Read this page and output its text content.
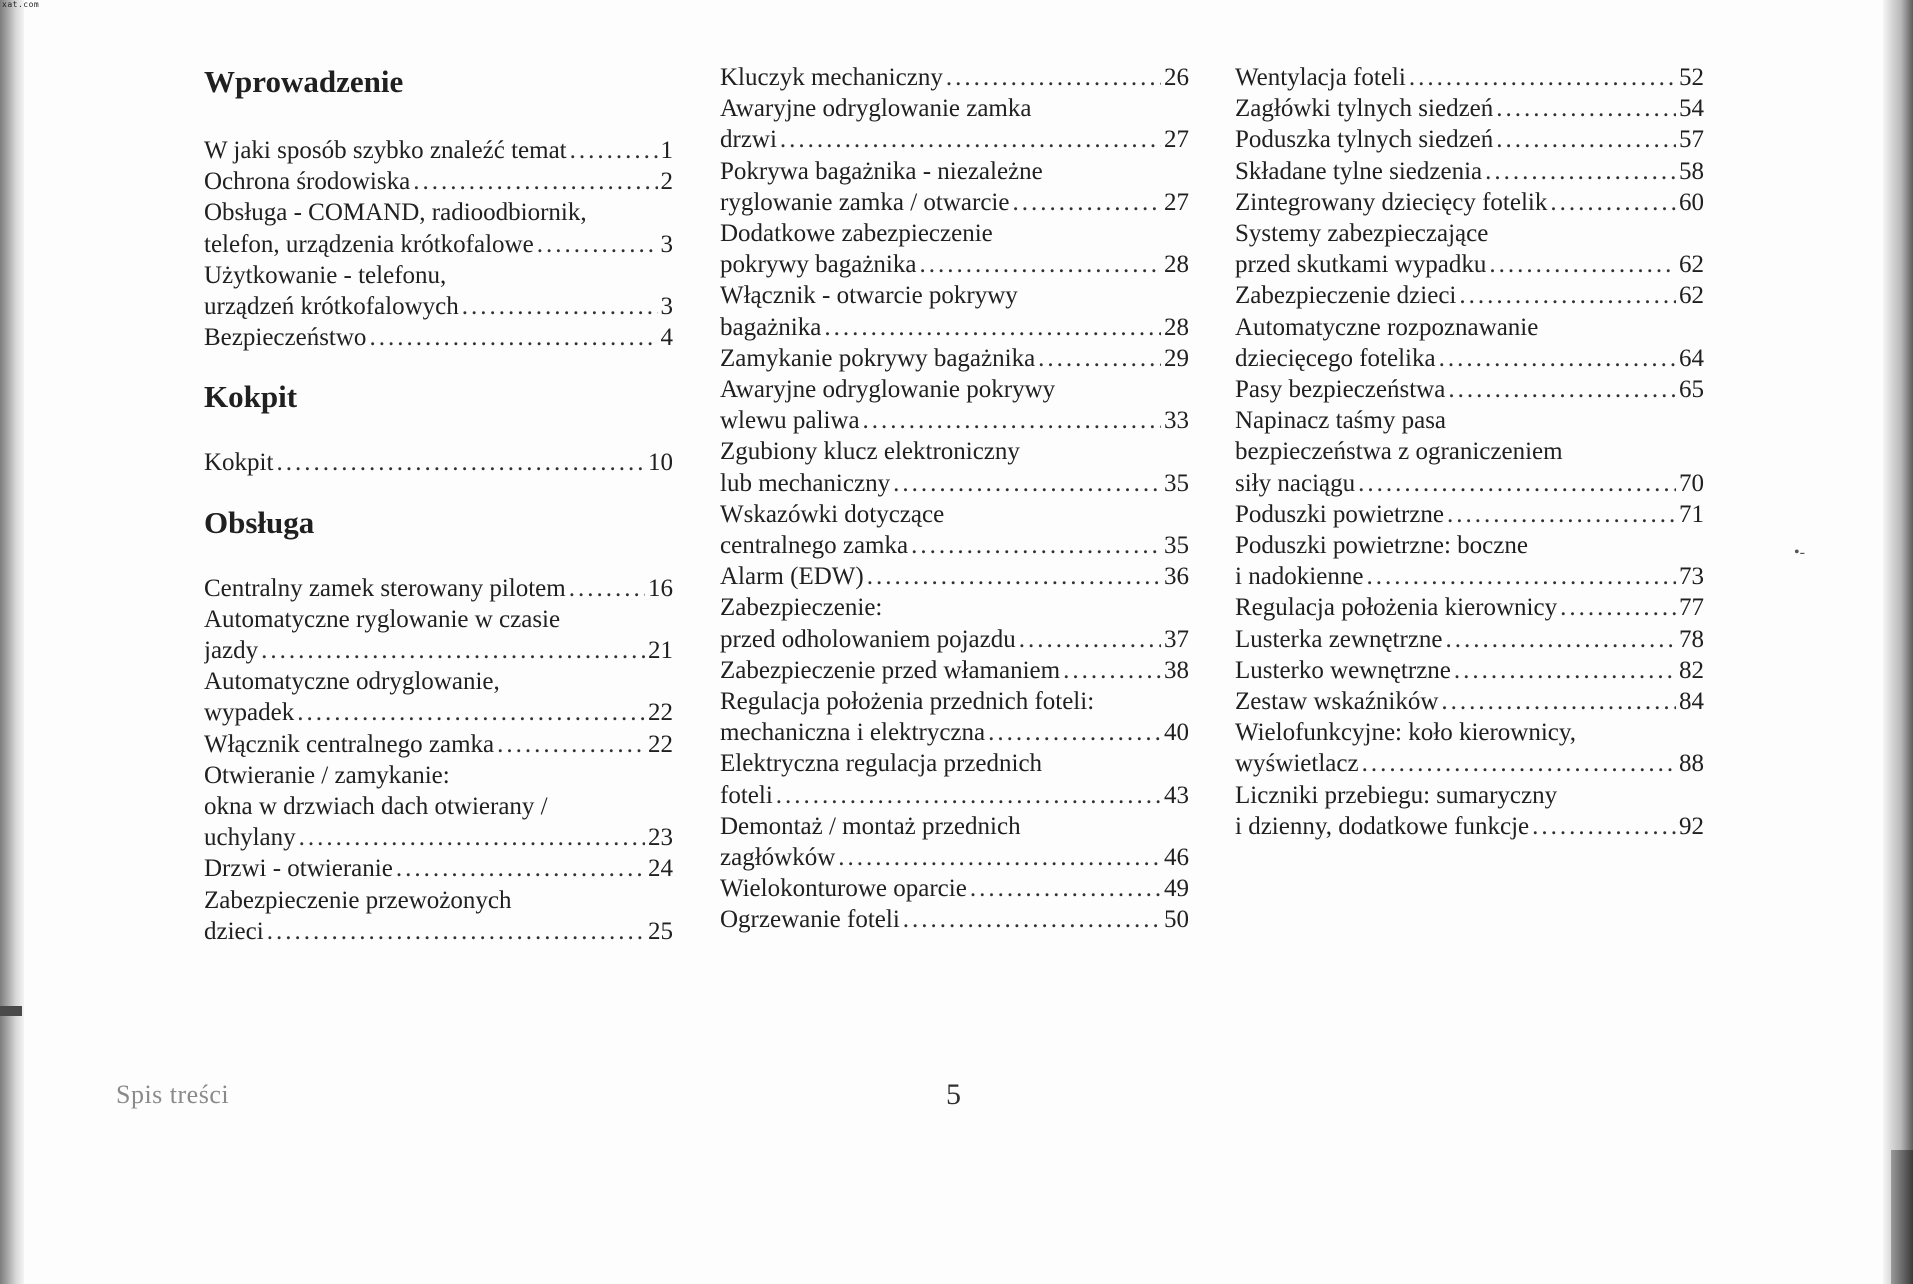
xat.com
•-
Wprowadzenie
W jaki sposób szybko znaleźć temat .....	1
Ochrona środowiska .....	2
Obsługa - COMAND, radioodbiornik,
telefon, urządzenia krótkofalowe .....	3
Użytkowanie - telefonu,
urządzeń krótkofalowych .....	3
Bezpieczeństwo .....	4
Kokpit
Kokpit .....	10
Obsługa
Centralny zamek sterowany pilotem .....	16
Automatyczne ryglowanie w czasie
jazdy .....	21
Automatyczne odryglowanie,
wypadek .....	22
Włącznik centralnego zamka .....	22
Otwieranie / zamykanie:
okna w drzwiach dach otwierany /
uchylany .....	23
Drzwi - otwieranie .....	24
Zabezpieczenie przewożonych
dzieci .....	25
Kluczyk mechaniczny .....	26
Awaryjne odryglowanie zamka
drzwi .....	27
Pokrywa bagażnika - niezależne
ryglowanie zamka / otwarcie .....	27
Dodatkowe zabezpieczenie
pokrywy bagażnika .....	28
Włącznik - otwarcie pokrywy
bagażnika .....	28
Zamykanie pokrywy bagażnika .....	29
Awaryjne odryglowanie pokrywy
wlewu paliwa .....	33
Zgubiony klucz elektroniczny
lub mechaniczny .....	35
Wskazówki dotyczące
centralnego zamka .....	35
Alarm (EDW) .....	36
Zabezpieczenie:
przed odholowaniem pojazdu .....	37
Zabezpieczenie przed włamaniem .....	38
Regulacja położenia przednich foteli:
mechaniczna i elektryczna .....	40
Elektryczna regulacja przednich
foteli .....	43
Demontaż / montaż przednich
zagłówków .....	46
Wielokonturowe oparcie .....	49
Ogrzewanie foteli .....	50
Wentylacja foteli .....	52
Zagłówki tylnych siedzeń .....	54
Poduszka tylnych siedzeń .....	57
Składane tylne siedzenia .....	58
Zintegrowany dziecięcy fotelik .....	60
Systemy zabezpieczające
przed skutkami wypadku .....	62
Zabezpieczenie dzieci .....	62
Automatyczne rozpoznawanie
dziecięcego fotelika .....	64
Pasy bezpieczeństwa .....	65
Napinacz taśmy pasa
bezpieczeństwa z ograniczeniem
siły naciągu .....	70
Poduszki powietrzne .....	71
Poduszki powietrzne: boczne
i nadokienne .....	73
Regulacja położenia kierownicy .....	77
Lusterka zewnętrzne .....	78
Lusterko wewnętrzne .....	82
Zestaw wskaźników .....	84
Wielofunkcyjne: koło kierownicy,
wyświetlacz .....	88
Liczniki przebiegu: sumaryczny
i dzienny, dodatkowe funkcje .....	92
Spis treści	5
